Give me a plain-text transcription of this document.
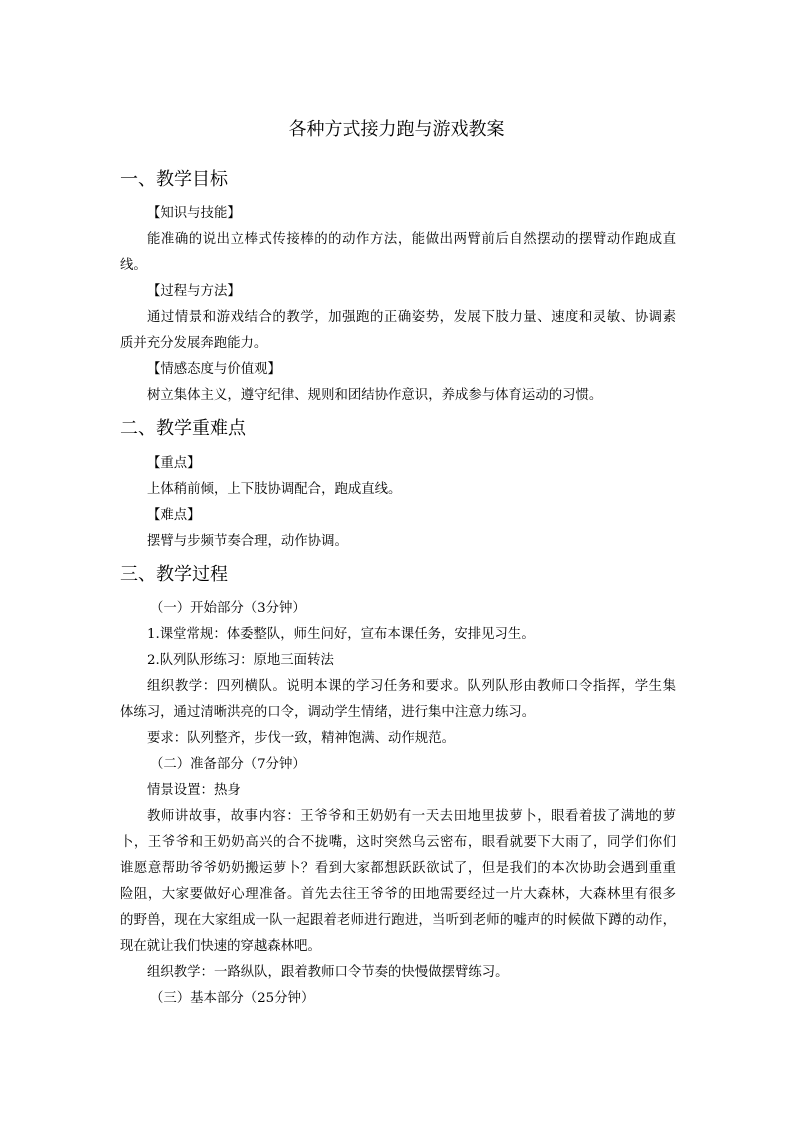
各种方式接力跑与游戏教案
一、教学目标
【知识与技能】
能准确的说出立棒式传接棒的的动作方法，能做出两臂前后自然摆动的摆臂动作跑成直
线。
【过程与方法】
通过情景和游戏结合的教学，加强跑的正确姿势，发展下肢力量、速度和灵敏、协调素
质并充分发展奔跑能力。
【情感态度与价值观】
树立集体主义，遵守纪律、规则和团结协作意识，养成参与体育运动的习惯。
二、教学重难点
【重点】
上体稍前倾，上下肢协调配合，跑成直线。
【难点】
摆臂与步频节奏合理，动作协调。
三、教学过程
（一）开始部分（3分钟）
1.课堂常规：体委整队，师生问好，宣布本课任务，安排见习生。
2.队列队形练习：原地三面转法
组织教学：四列横队。说明本课的学习任务和要求。队列队形由教师口令指挥，学生集
体练习，通过清晰洪亮的口令，调动学生情绪，进行集中注意力练习。
要求：队列整齐，步伐一致，精神饱满、动作规范。
（二）准备部分（7分钟）
情景设置：热身
教师讲故事，故事内容：王爷爷和王奶奶有一天去田地里拔萝卜，眼看着拔了满地的萝
卜，王爷爷和王奶奶高兴的合不拢嘴，这时突然乌云密布，眼看就要下大雨了，同学们你们
谁愿意帮助爷爷奶奶搬运萝卜？看到大家都想跃跃欲试了，但是我们的本次协助会遇到重重
险阻，大家要做好心理准备。首先去往王爷爷的田地需要经过一片大森林，大森林里有很多
的野兽，现在大家组成一队一起跟着老师进行跑进，当听到老师的嘘声的时候做下蹲的动作，
现在就让我们快速的穿越森林吧。
组织教学：一路纵队，跟着教师口令节奏的快慢做摆臂练习。
（三）基本部分（25分钟）
